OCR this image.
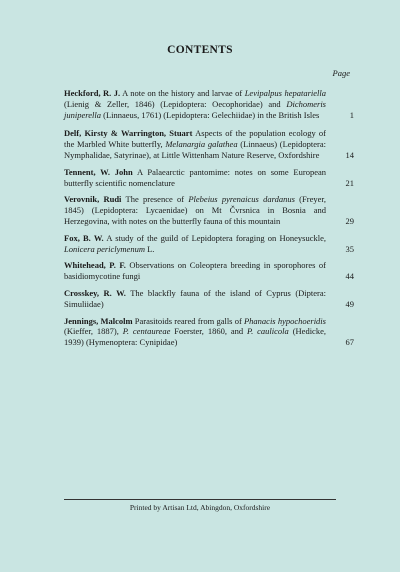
CONTENTS
Page
Heckford, R. J. A note on the history and larvae of Levipalpus hepatariella (Lienig & Zeller, 1846) (Lepidoptera: Oecophoridae) and Dichomeris juniperella (Linnaeus, 1761) (Lepidoptera: Gelechiidae) in the British Isles	1
Delf, Kirsty & Warrington, Stuart Aspects of the population ecology of the Marbled White butterfly, Melanargia galathea (Linnaeus) (Lepidoptera: Nymphalidae, Satyrinae), at Little Wittenham Nature Reserve, Oxfordshire	14
Tennent, W. John A Palaearctic pantomime: notes on some European butterfly scientific nomenclature	21
Verovnik, Rudi The presence of Plebeius pyrenaicus dardanus (Freyer, 1845) (Lepidoptera: Lycaenidae) on Mt Čvrsnica in Bosnia and Herzegovina, with notes on the butterfly fauna of this mountain	29
Fox, B. W. A study of the guild of Lepidoptera foraging on Honeysuckle, Lonicera periclymenum L.	35
Whitehead, P. F. Observations on Coleoptera breeding in sporophores of basidiomycotine fungi	44
Crosskey, R. W. The blackfly fauna of the island of Cyprus (Diptera: Simuliidae)	49
Jennings, Malcolm Parasitoids reared from galls of Phanacis hypochoeridis (Kieffer, 1887), P. centaureae Foerster, 1860, and P. caulicola (Hedicke, 1939) (Hymenoptera: Cynipidae)	67
Printed by Artisan Ltd, Abingdon, Oxfordshire
